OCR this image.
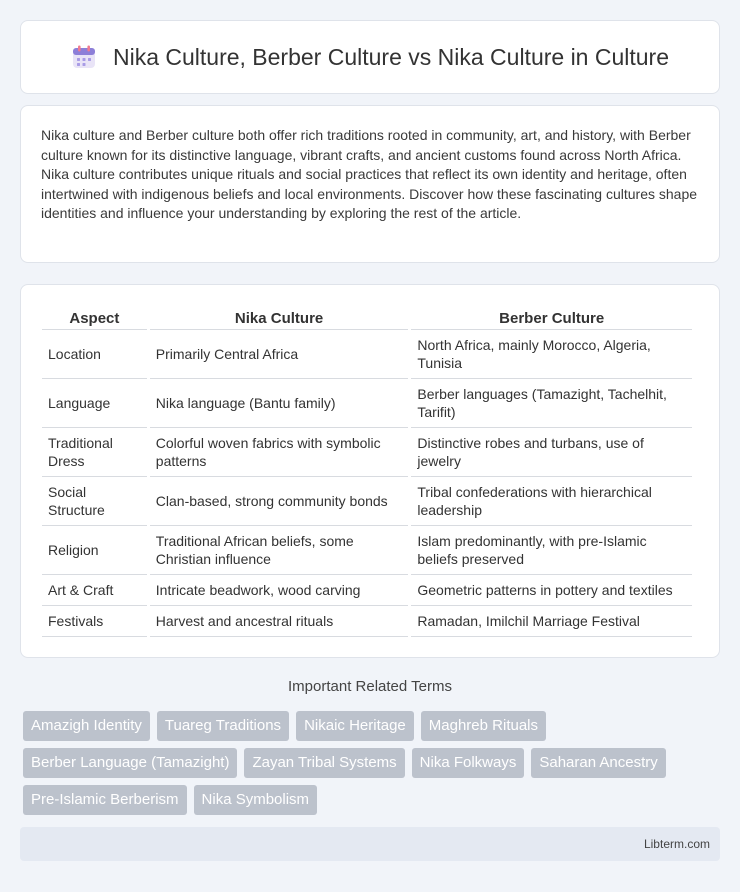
Nika Culture, Berber Culture vs Nika Culture in Culture

Nika culture and Berber culture both offer rich traditions rooted in community, art, and history, with Berber culture known for its distinctive language, vibrant crafts, and ancient customs found across North Africa. Nika culture contributes unique rituals and social practices that reflect its own identity and heritage, often intertwined with indigenous beliefs and local environments. Discover how these fascinating cultures shape identities and influence your understanding by exploring the rest of the article.

Aspect	Nika Culture	Berber Culture
Location	Primarily Central Africa	North Africa, mainly Morocco, Algeria, Tunisia
Language	Nika language (Bantu family)	Berber languages (Tamazight, Tachelhit, Tarifit)
Traditional Dress	Colorful woven fabrics with symbolic patterns	Distinctive robes and turbans, use of jewelry
Social Structure	Clan-based, strong community bonds	Tribal confederations with hierarchical leadership
Religion	Traditional African beliefs, some Christian influence	Islam predominantly, with pre-Islamic beliefs preserved
Art & Craft	Intricate beadwork, wood carving	Geometric patterns in pottery and textiles
Festivals	Harvest and ancestral rituals	Ramadan, Imilchil Marriage Festival
Important Related Terms
Amazigh Identity	Tuareg Traditions	Nikaic Heritage	Maghreb Rituals
Berber Language (Tamazight)	Zayan Tribal Systems	Nika Folkways	Saharan Ancestry
Pre-Islamic Berberism	Nika Symbolism
Libterm.com
